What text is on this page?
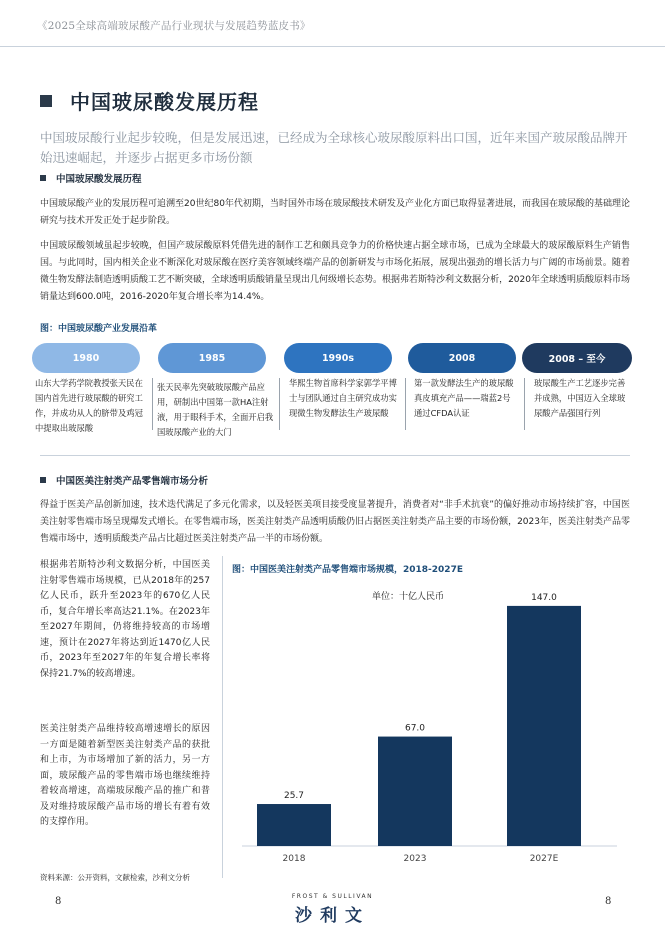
《2025全球高端玻尿酸产品行业现状与发展趋势蓝皮书》
中国玻尿酸发展历程
中国玻尿酸行业起步较晚，但是发展迅速，已经成为全球核心玻尿酸原料出口国，近年来国产玻尿酸品牌开始迅速崛起，并逐步占据更多市场份额
中国玻尿酸发展历程
中国玻尿酸产业的发展历程可追溯至20世纪80年代初期，当时国外市场在玻尿酸技术研发及产业化方面已取得显著进展，而我国在玻尿酸的基础理论研究与技术开发正处于起步阶段。
中国玻尿酸领域虽起步较晚，但国产玻尿酸原料凭借先进的制作工艺和颇具竞争力的价格快速占据全球市场，已成为全球最大的玻尿酸原料生产销售国。与此同时，国内相关企业不断深化对玻尿酸在医疗美容领域终端产品的创新研发与市场化拓展，展现出强劲的增长活力与广阔的市场前景。随着微生物发酵法制造透明质酸工艺不断突破，全球透明质酸销量呈现出几何级增长态势。根据弗若斯特沙利文数据分析，2020年全球透明质酸原料市场销量达到600.0吨，2016-2020年复合增长率为14.4%。
图：中国玻尿酸产业发展沿革
1980	1985	1990s	2008	2008 – 至今
山东大学药学院教授张天民在国内首先进行玻尿酸的研究工作，并成功从人的脐带及鸡冠中提取出玻尿酸
张天民率先突破玻尿酸产品应用，研制出中国第一款HA注射液，用于眼科手术，全面开启我国玻尿酸产业的大门
华熙生物首席科学家郭学平博士与团队通过自主研究成功实现微生物发酵法生产玻尿酸
第一款发酵法生产的玻尿酸真皮填充产品——瑞蓝2号通过CFDA认证
玻尿酸生产工艺逐步完善并成熟，中国迈入全球玻尿酸产品强国行列
中国医美注射类产品零售端市场分析
得益于医美产品创新加速，技术迭代满足了多元化需求，以及轻医美项目接受度显著提升，消费者对“非手术抗衰”的偏好推动市场持续扩容，中国医美注射零售端市场呈现爆发式增长。在零售端市场，医美注射类产品透明质酸仍旧占据医美注射类产品主要的市场份额，2023年，医美注射类产品零售端市场中，透明质酸类产品占比超过医美注射类产品一半的市场份额。
根据弗若斯特沙利文数据分析，中国医美注射零售端市场规模，已从2018年的257亿人民币，跃升至2023年的670亿人民币，复合年增长率高达21.1%。在2023年至2027年期间，仍将维持较高的市场增速，预计在2027年将达到近1470亿人民币，2023年至2027年的年复合增长率将保持21.7%的较高增速。
医美注射类产品维持较高增速增长的原因一方面是随着新型医美注射类产品的获批和上市，为市场增加了新的活力，另一方面，玻尿酸产品的零售端市场也继续维持着较高增速，高端玻尿酸产品的推广和普及对维持玻尿酸产品市场的增长有着有效的支撑作用。
资料来源：公开资料，文献检索，沙利文分析
图：中国医美注射类产品零售端市场规模，2018-2027E
单位：十亿人民币
25.7
2018
67.0
2023
147.0
2027E
8	8
FROST & SULLIVAN
沙利文
